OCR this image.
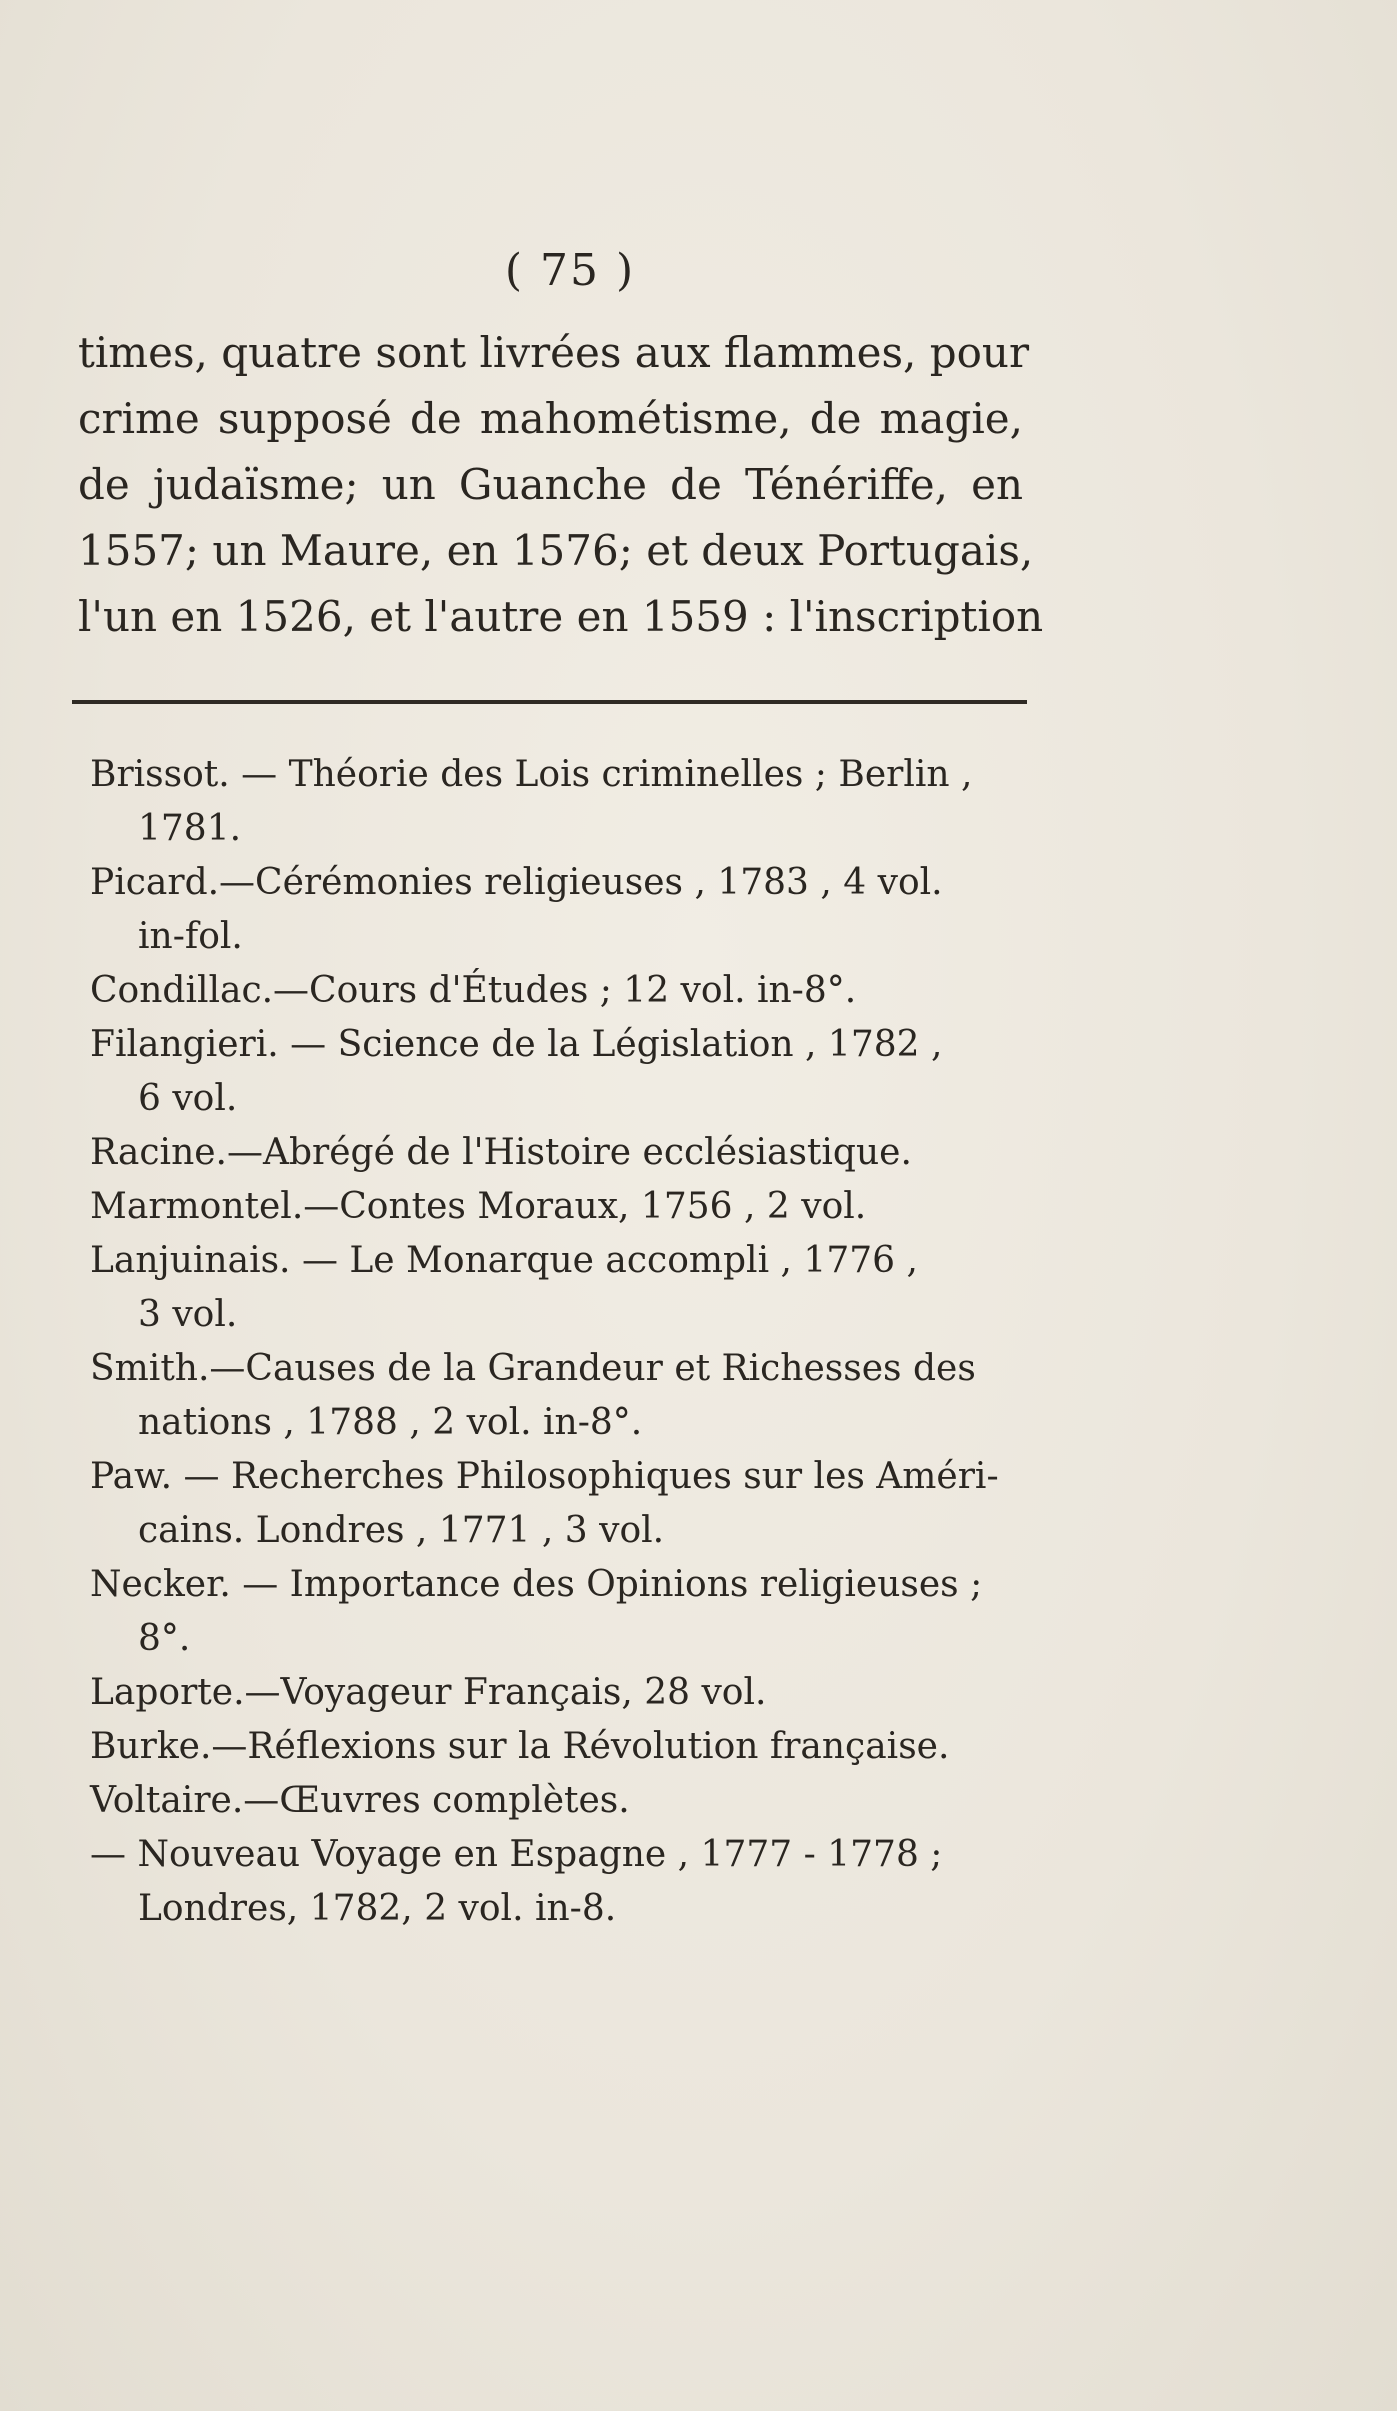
( 75 )
times, quatre sont livrées aux flammes, pour
crime supposé de mahométisme, de magie,
de judaïsme; un Guanche de Ténériffe, en
1557; un Maure, en 1576; et deux Portugais,
l'un en 1526, et l'autre en 1559 : l'inscription
Brissot. — Théorie des Lois criminelles ; Berlin ,
1781.
Picard.—Cérémonies religieuses , 1783 , 4 vol.
in-fol.
Condillac.—Cours d'Études ; 12 vol. in-8°.
Filangieri. — Science de la Législation , 1782 ,
6 vol.
Racine.—Abrégé de l'Histoire ecclésiastique.
Marmontel.—Contes Moraux, 1756 , 2 vol.
Lanjuinais. — Le Monarque accompli , 1776 ,
3 vol.
Smith.—Causes de la Grandeur et Richesses des
nations , 1788 , 2 vol. in-8°.
Paw. — Recherches Philosophiques sur les Améri-
cains. Londres , 1771 , 3 vol.
Necker. — Importance des Opinions religieuses ;
8°.
Laporte.—Voyageur Français, 28 vol.
Burke.—Réflexions sur la Révolution française.
Voltaire.—Œuvres complètes.
— Nouveau Voyage en Espagne , 1777 - 1778 ;
Londres, 1782, 2 vol. in-8.
